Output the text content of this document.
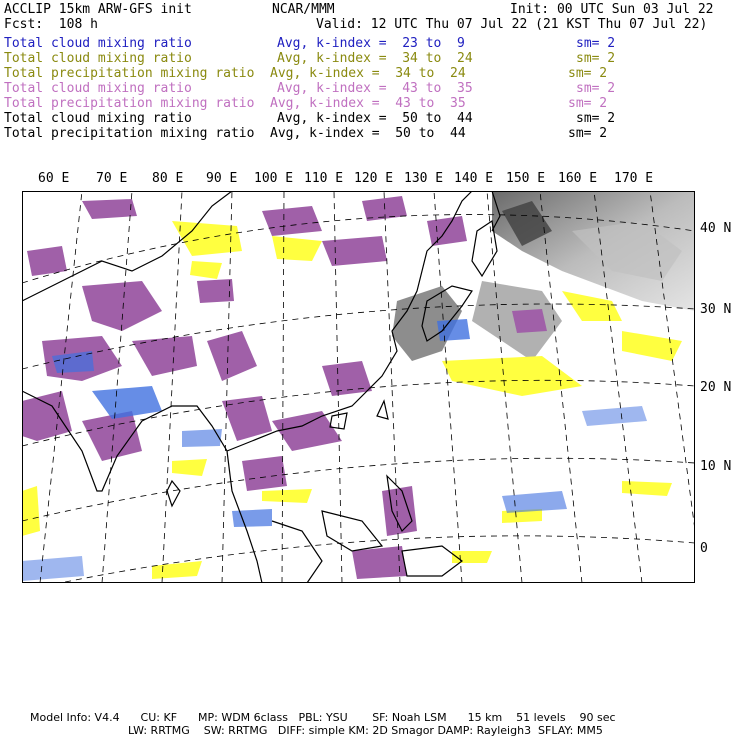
ACCLIP 15km ARW-GFS init	NCAR/MMM	Init: 00 UTC Sun 03 Jul 22
Fcst:  108 h	Valid: 12 UTC Thu 07 Jul 22 (21 KST Thu 07 Jul 22)
Total cloud mixing ratio	Avg, k-index =  23 to  9	sm= 2
Total cloud mixing ratio	Avg, k-index =  34 to  24	sm= 2
Total precipitation mixing ratio Avg, k-index =  34 to  24	sm= 2
Total cloud mixing ratio	Avg, k-index =  43 to  35	sm= 2
Total precipitation mixing ratio Avg, k-index =  43 to  35	sm= 2
Total cloud mixing ratio	Avg, k-index =  50 to  44	sm= 2
Total precipitation mixing ratio Avg, k-index =  50 to  44	sm= 2
60 E 70 E 80 E 90 E 100 E 110 E 120 E 130 E 140 E 150 E 160 E 170 E
40 N
30 N
20 N
10 N
0
Model Info: V4.4      CU: KF      MP: WDM 6class   PBL: YSU       SF: Noah LSM      15 km    51 levels    90 sec
LW: RRTMG    SW: RRTMG   DIFF: simple KM: 2D Smagor DAMP: Rayleigh3  SFLAY: MM5
